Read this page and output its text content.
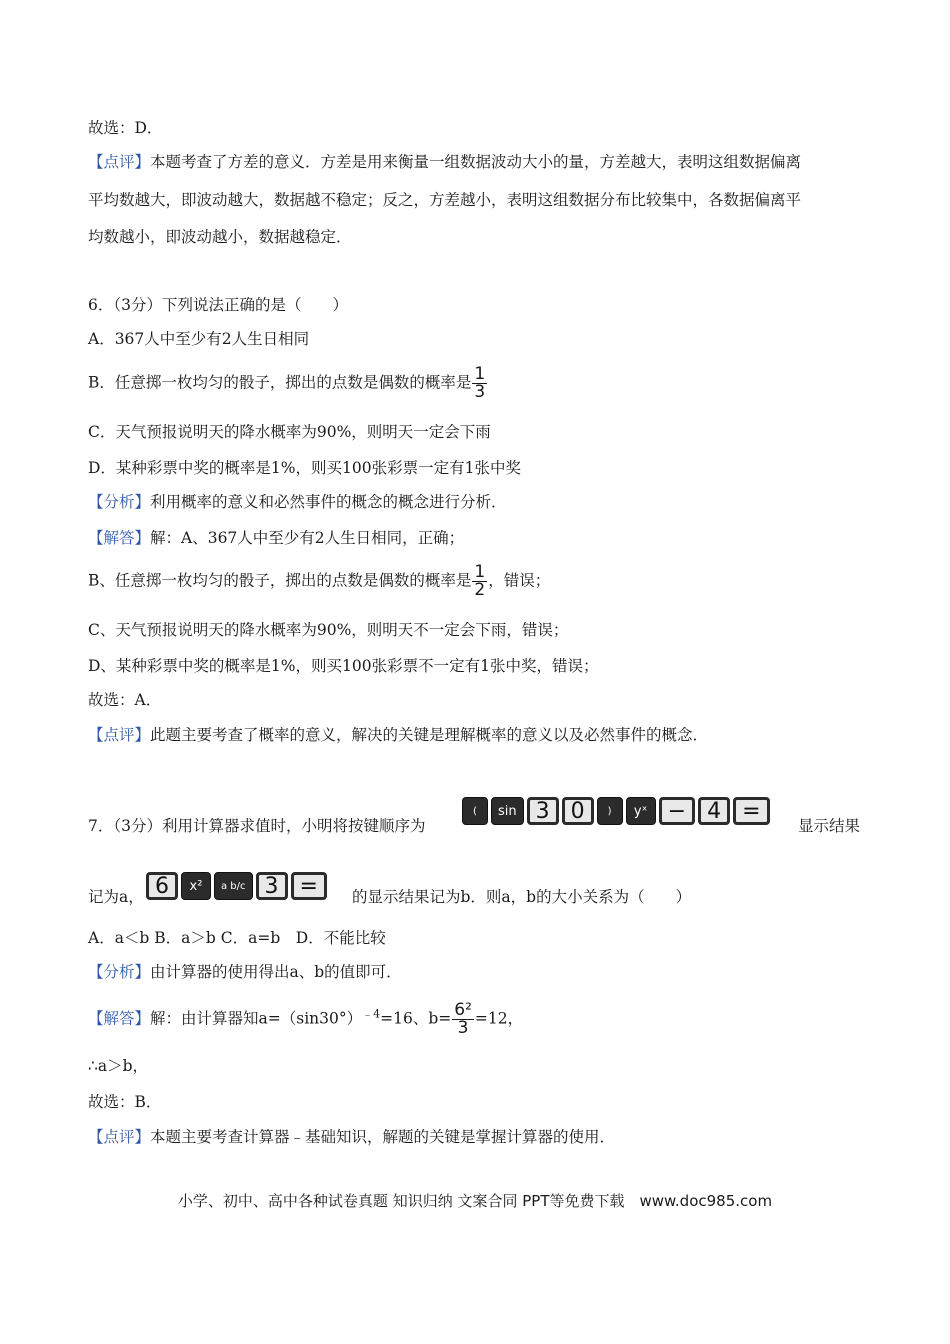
故选：D．
【点评】本题考查了方差的意义．方差是用来衡量一组数据波动大小的量，方差越大，表明这组数据偏离
平均数越大，即波动越大，数据越不稳定；反之，方差越小，表明这组数据分布比较集中，各数据偏离平
均数越小，即波动越小，数据越稳定．
6．（3分）下列说法正确的是（　　）
A．367人中至少有2人生日相同
B．任意掷一枚均匀的骰子，掷出的点数是偶数的概率是 $\frac{1}{3}$
C．天气预报说明天的降水概率为90%，则明天一定会下雨
D．某种彩票中奖的概率是1%，则买100张彩票一定有1张中奖
【分析】利用概率的意义和必然事件的概念的概念进行分析．
【解答】解：A、367人中至少有2人生日相同，正确；
B、任意掷一枚均匀的骰子，掷出的点数是偶数的概率是 $\frac{1}{2}$ ，错误；
C、天气预报说明天的降水概率为90%，则明天不一定会下雨，错误；
D、某种彩票中奖的概率是1%，则买100张彩票不一定有1张中奖，错误；
故选：A．
【点评】此题主要考查了概率的意义，解决的关键是理解概率的意义以及必然事件的概念．
7．（3分）利用计算器求值时，小明将按键顺序为
(	sin 3 0	)	yˣ − 4 =
显示结果
记为a， 6	x²	a b/c 3 =	的显示结果记为b．则a，b的大小关系为（　　）
A．a＜b B．a＞b C．a=b　D．不能比较
【分析】由计算器的使用得出a、b的值即可．
【解答】解：由计算器知$a=(\sin 30^\circ)^{﹣4}=16$、$b= \frac{\text{6²}}{3} =12$，
∴a＞b，
故选：B．
【点评】本题主要考查计算器﹣基础知识，解题的关键是掌握计算器的使用．
小学、初中、高中各种试卷真题 知识归纳 文案合同 PPT等免费下载　www.doc985.com
